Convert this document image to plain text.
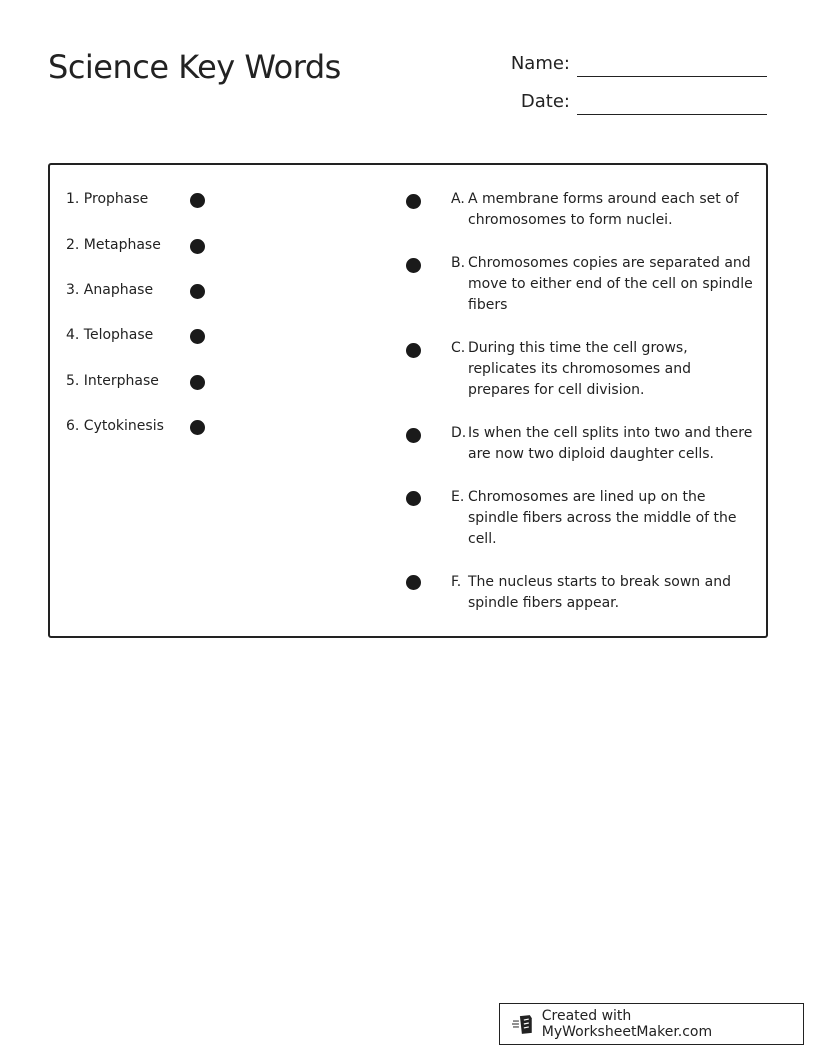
Science Key Words	Name:
Date:
1. Prophase
2. Metaphase
3. Anaphase
4. Telophase
5. Interphase
6. Cytokinesis
A. A membrane forms around each set of chromosomes to form nuclei.
B. Chromosomes copies are separated and move to either end of the cell on spindle fibers
C. During this time the cell grows, replicates its chromosomes and prepares for cell division.
D. Is when the cell splits into two and there are now two diploid daughter cells.
E. Chromosomes are lined up on the spindle fibers across the middle of the cell.
F. The nucleus starts to break sown and spindle fibers appear.
Created with MyWorksheetMaker.com
